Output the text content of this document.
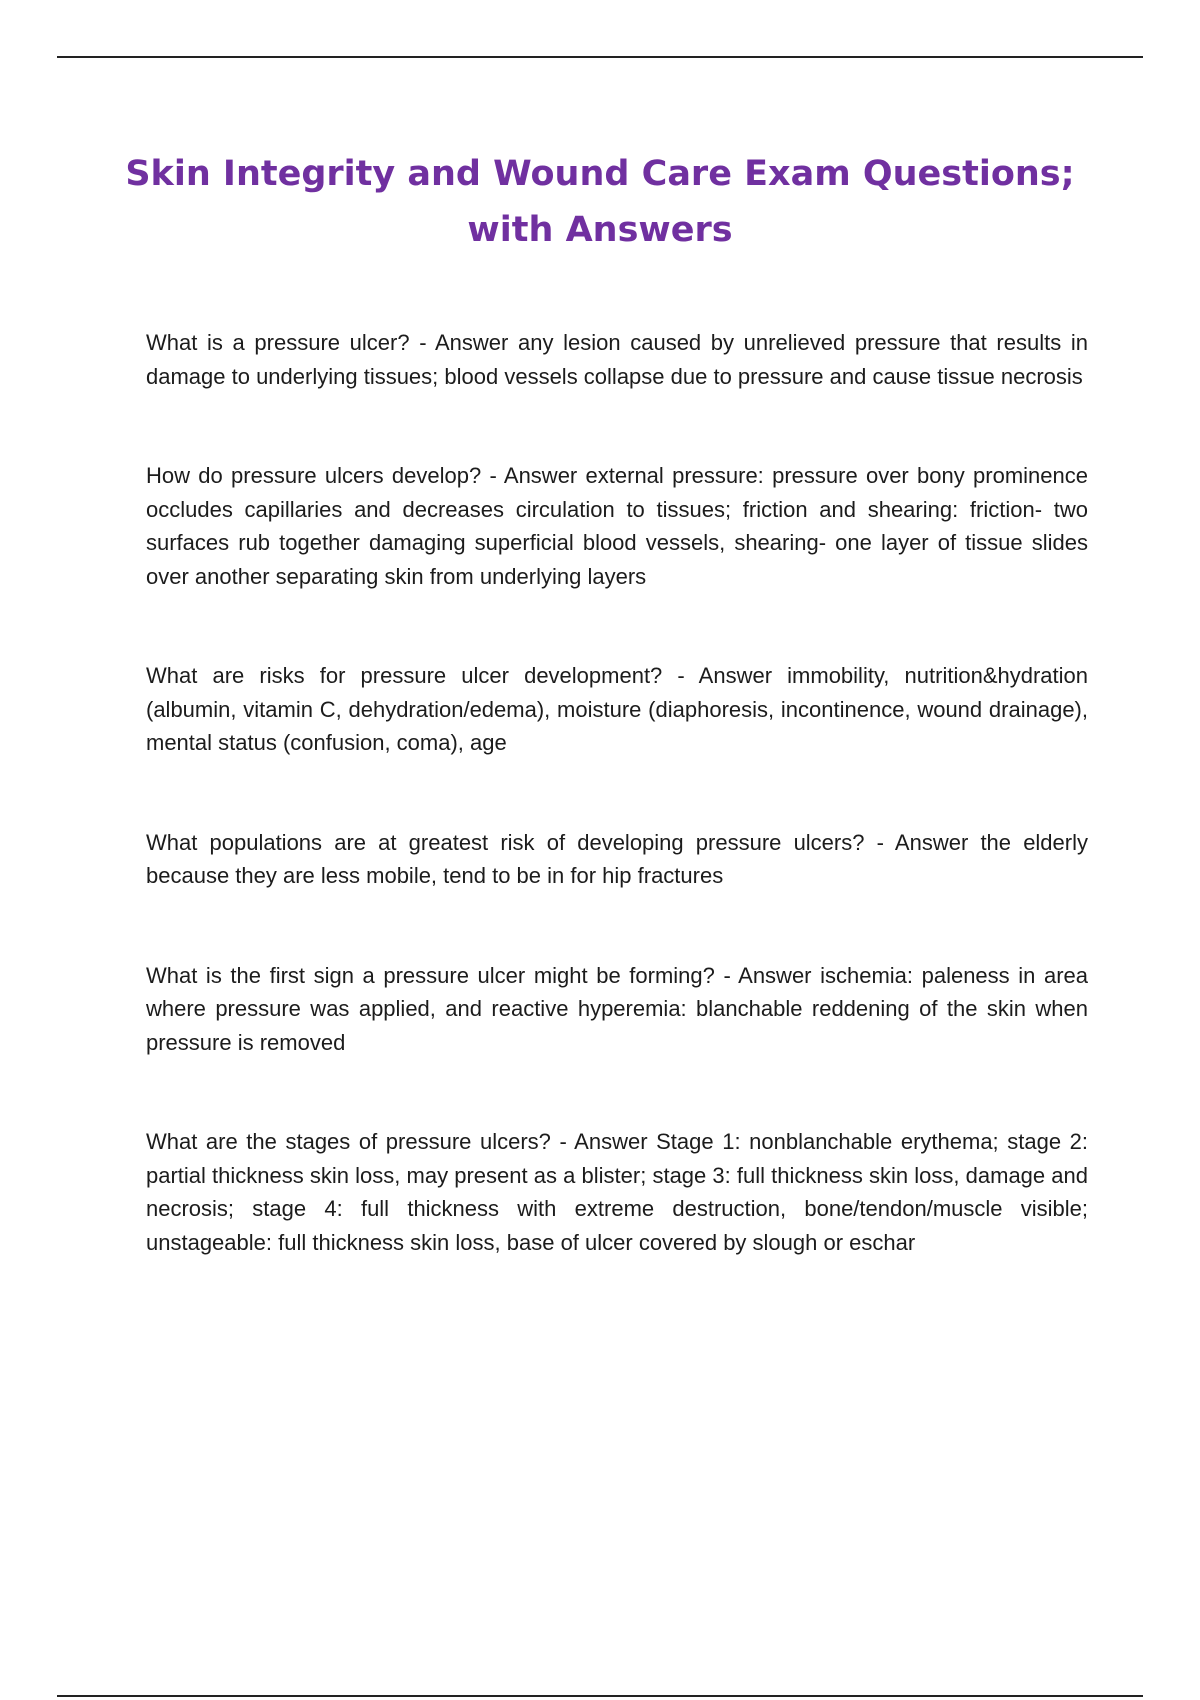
Skin Integrity and Wound Care Exam Questions; with Answers

What is a pressure ulcer? - Answer any lesion caused by unrelieved pressure that results in damage to underlying tissues; blood vessels collapse due to pressure and cause tissue necrosis

How do pressure ulcers develop? - Answer external pressure: pressure over bony prominence occludes capillaries and decreases circulation to tissues; friction and shearing: friction- two surfaces rub together damaging superficial blood vessels, shearing- one layer of tissue slides over another separating skin from underlying layers

What are risks for pressure ulcer development? - Answer immobility, nutrition&hydration (albumin, vitamin C, dehydration/edema), moisture (diaphoresis, incontinence, wound drainage), mental status (confusion, coma), age

What populations are at greatest risk of developing pressure ulcers? - Answer the elderly because they are less mobile, tend to be in for hip fractures

What is the first sign a pressure ulcer might be forming? - Answer ischemia: paleness in area where pressure was applied, and reactive hyperemia: blanchable reddening of the skin when pressure is removed

What are the stages of pressure ulcers? - Answer Stage 1: nonblanchable erythema; stage 2: partial thickness skin loss, may present as a blister; stage 3: full thickness skin loss, damage and necrosis; stage 4: full thickness with extreme destruction, bone/tendon/muscle visible; unstageable: full thickness skin loss, base of ulcer covered by slough or eschar
